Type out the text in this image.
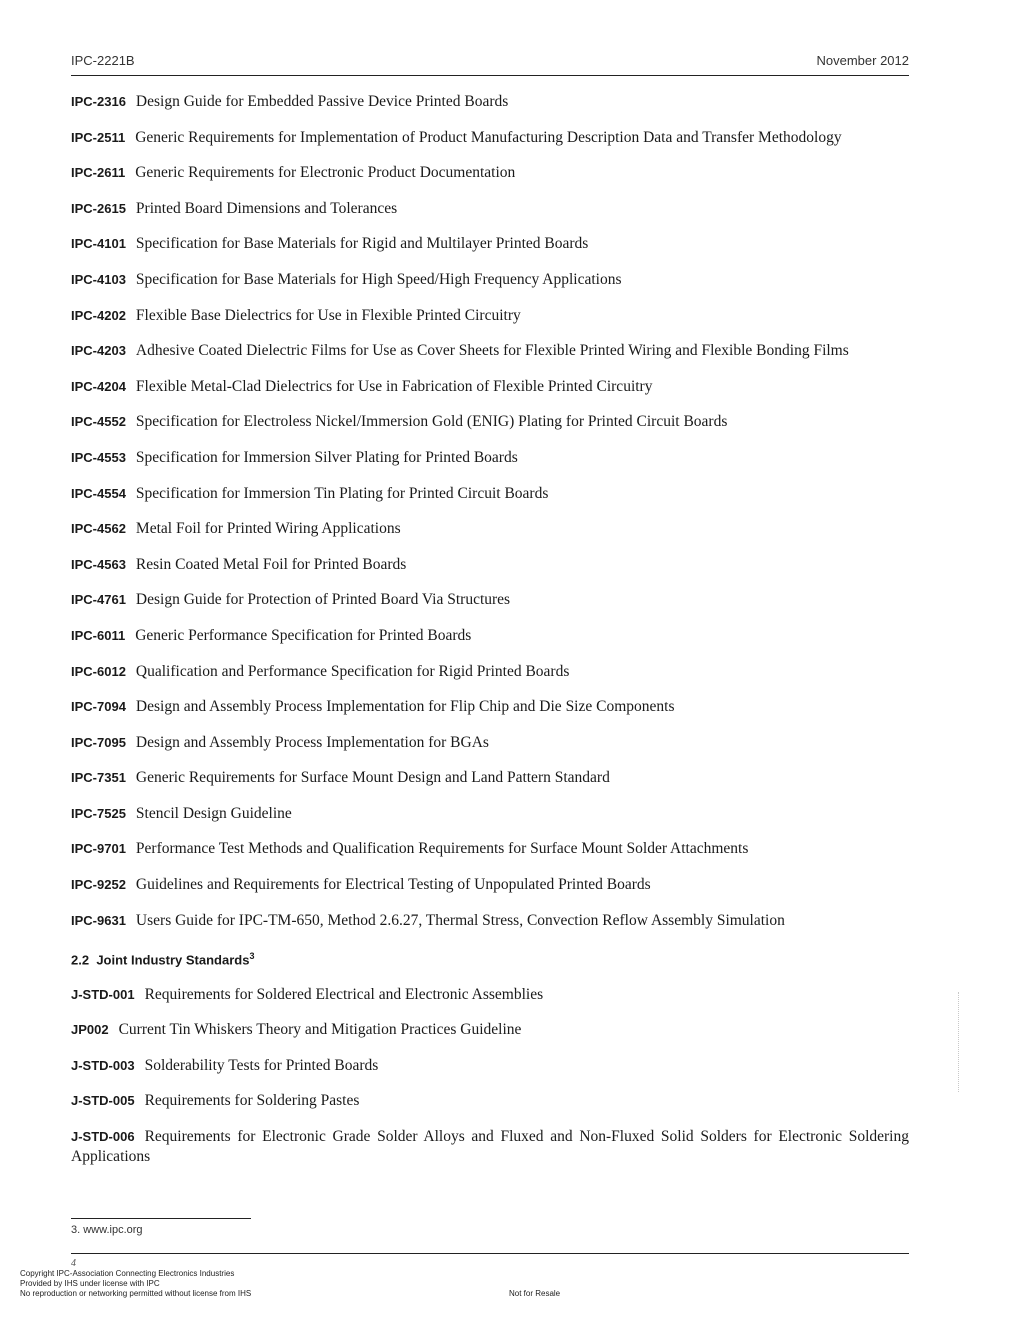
IPC-2221B	November 2012
IPC-2316 Design Guide for Embedded Passive Device Printed Boards
IPC-2511 Generic Requirements for Implementation of Product Manufacturing Description Data and Transfer Methodology
IPC-2611 Generic Requirements for Electronic Product Documentation
IPC-2615 Printed Board Dimensions and Tolerances
IPC-4101 Specification for Base Materials for Rigid and Multilayer Printed Boards
IPC-4103 Specification for Base Materials for High Speed/High Frequency Applications
IPC-4202 Flexible Base Dielectrics for Use in Flexible Printed Circuitry
IPC-4203 Adhesive Coated Dielectric Films for Use as Cover Sheets for Flexible Printed Wiring and Flexible Bonding Films
IPC-4204 Flexible Metal-Clad Dielectrics for Use in Fabrication of Flexible Printed Circuitry
IPC-4552 Specification for Electroless Nickel/Immersion Gold (ENIG) Plating for Printed Circuit Boards
IPC-4553 Specification for Immersion Silver Plating for Printed Boards
IPC-4554 Specification for Immersion Tin Plating for Printed Circuit Boards
IPC-4562 Metal Foil for Printed Wiring Applications
IPC-4563 Resin Coated Metal Foil for Printed Boards
IPC-4761 Design Guide for Protection of Printed Board Via Structures
IPC-6011 Generic Performance Specification for Printed Boards
IPC-6012 Qualification and Performance Specification for Rigid Printed Boards
IPC-7094 Design and Assembly Process Implementation for Flip Chip and Die Size Components
IPC-7095 Design and Assembly Process Implementation for BGAs
IPC-7351 Generic Requirements for Surface Mount Design and Land Pattern Standard
IPC-7525 Stencil Design Guideline
IPC-9701 Performance Test Methods and Qualification Requirements for Surface Mount Solder Attachments
IPC-9252 Guidelines and Requirements for Electrical Testing of Unpopulated Printed Boards
IPC-9631 Users Guide for IPC-TM-650, Method 2.6.27, Thermal Stress, Convection Reflow Assembly Simulation
2.2 Joint Industry Standards$^3$
J-STD-001 Requirements for Soldered Electrical and Electronic Assemblies
JP002 Current Tin Whiskers Theory and Mitigation Practices Guideline
J-STD-003 Solderability Tests for Printed Boards
J-STD-005 Requirements for Soldering Pastes
J-STD-006 Requirements for Electronic Grade Solder Alloys and Fluxed and Non-Fluxed Solid Solders for Electronic Soldering Applications
3. www.ipc.org
4
Copyright IPC-Association Connecting Electronics Industries
Provided by IHS under license with IPC
No reproduction or networking permitted without license from IHS	Not for Resale
